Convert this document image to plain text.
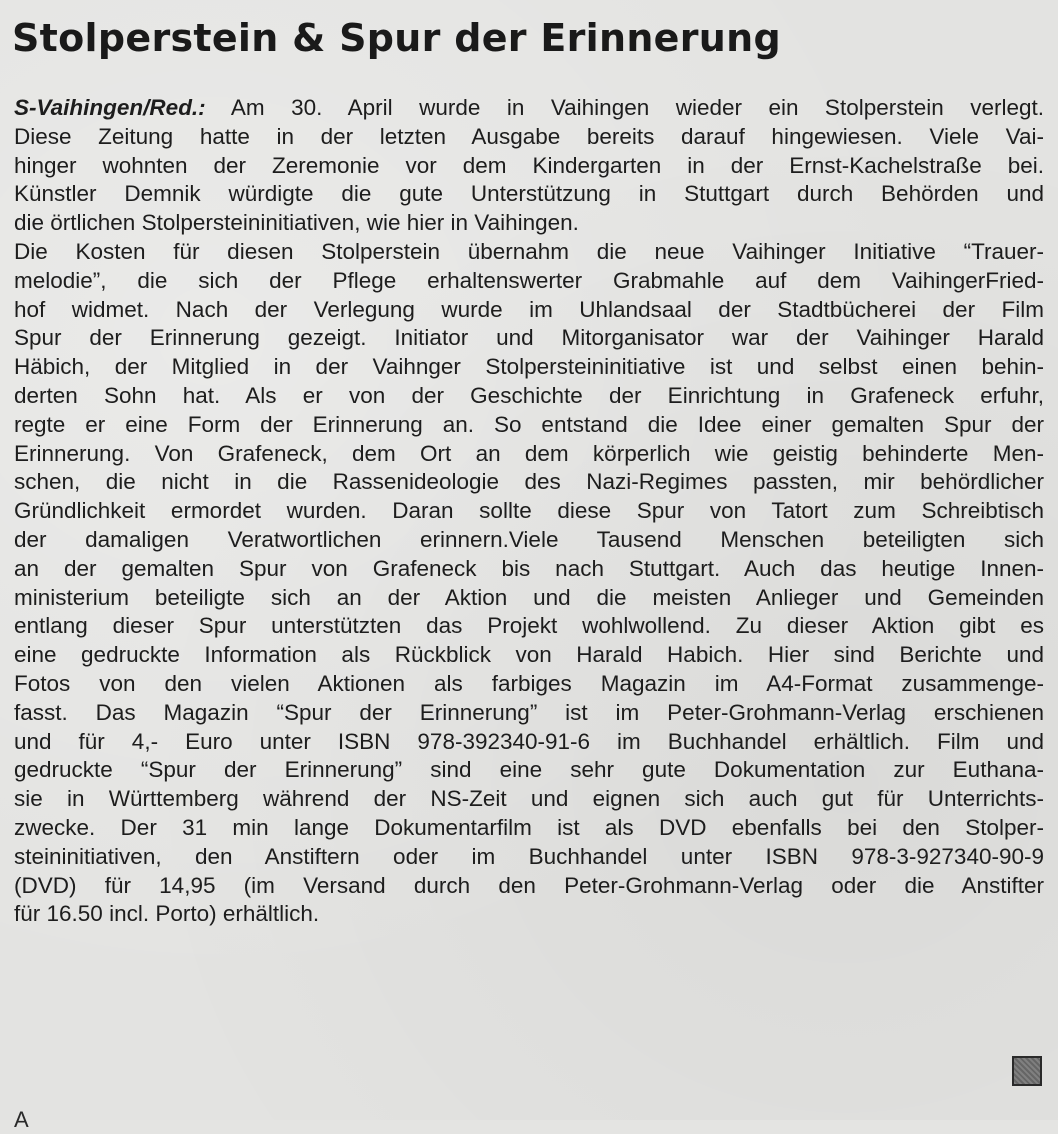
Stolperstein & Spur der Erinnerung
S-Vaihingen/Red.: Am 30. April wurde in Vaihingen wieder ein Stolperstein verlegt.
Diese Zeitung hatte in der letzten Ausgabe bereits darauf hingewiesen. Viele Vai-
hinger wohnten der Zeremonie vor dem Kindergarten in der Ernst-Kachelstraße bei.
Künstler Demnik würdigte die gute Unterstützung in Stuttgart durch Behörden und
die örtlichen Stolpersteininitiativen, wie hier in Vaihingen.
Die Kosten für diesen Stolperstein übernahm die neue Vaihinger Initiative “Trauer-
melodie”, die sich der Pflege erhaltenswerter Grabmahle auf dem VaihingerFried-
hof widmet. Nach der Verlegung wurde im Uhlandsaal der Stadtbücherei der Film
Spur der Erinnerung gezeigt. Initiator und Mitorganisator war der Vaihinger Harald
Häbich, der Mitglied in der Vaihnger Stolpersteininitiative ist und selbst einen behin-
derten Sohn hat. Als er von der Geschichte der Einrichtung in Grafeneck erfuhr,
regte er eine Form der Erinnerung an. So entstand die Idee einer gemalten Spur der
Erinnerung. Von Grafeneck, dem Ort an dem körperlich wie geistig behinderte Men-
schen, die nicht in die Rassenideologie des Nazi-Regimes passten, mir behördlicher
Gründlichkeit ermordet wurden. Daran sollte diese Spur von Tatort zum Schreibtisch
der damaligen Veratwortlichen erinnern.Viele Tausend Menschen beteiligten sich
an der gemalten Spur von Grafeneck bis nach Stuttgart. Auch das heutige Innen-
ministerium beteiligte sich an der Aktion und die meisten Anlieger und Gemeinden
entlang dieser Spur unterstützten das Projekt wohlwollend. Zu dieser Aktion gibt es
eine gedruckte Information als Rückblick von Harald Habich. Hier sind Berichte und
Fotos von den vielen Aktionen als farbiges Magazin im A4-Format zusammenge-
fasst. Das Magazin “Spur der Erinnerung” ist im Peter-Grohmann-Verlag erschienen
und für 4,- Euro unter ISBN 978-392340-91-6 im Buchhandel erhältlich. Film und
gedruckte “Spur der Erinnerung” sind eine sehr gute Dokumentation zur Euthana-
sie in Württemberg während der NS-Zeit und eignen sich auch gut für Unterrichts-
zwecke. Der 31 min lange Dokumentarfilm ist als DVD ebenfalls bei den Stolper-
steininitiativen, den Anstiftern oder im Buchhandel unter ISBN 978-3-927340-90-9
(DVD) für 14,95 (im Versand durch den Peter-Grohmann-Verlag oder die Anstifter
für 16.50 incl. Porto) erhältlich.
A
